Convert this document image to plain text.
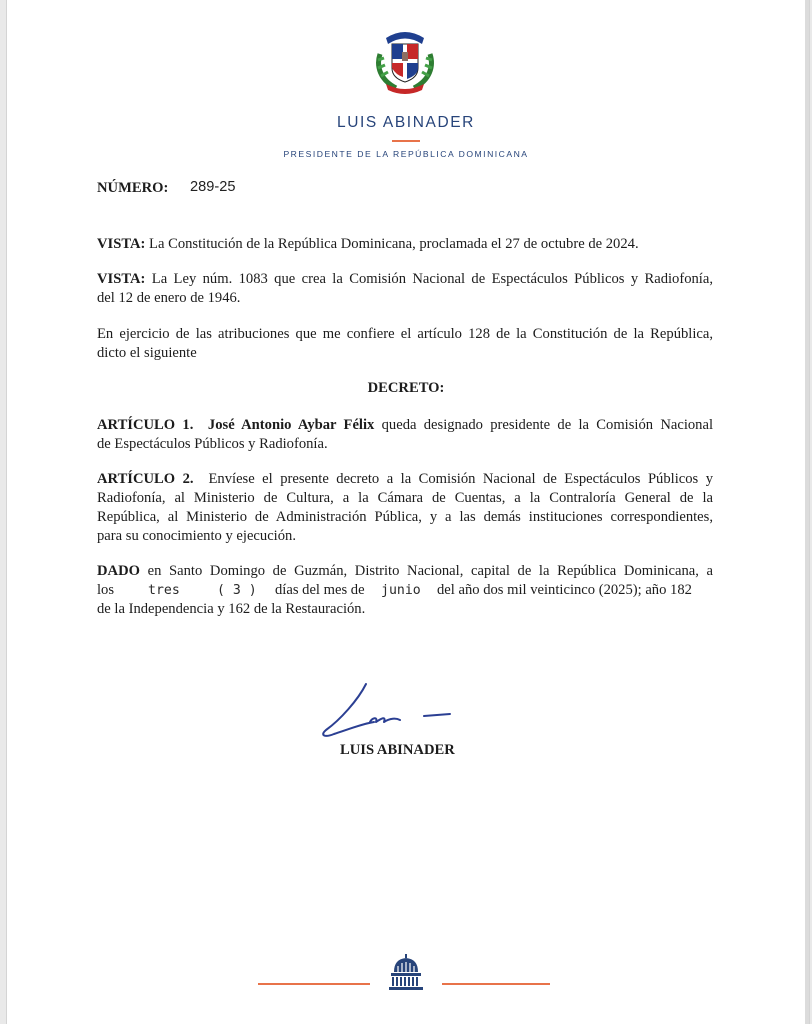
LUIS ABINADER
PRESIDENTE DE LA REPÚBLICA DOMINICANA
NÚMERO: 289-25
VISTA: La Constitución de la República Dominicana, proclamada el 27 de octubre de 2024.
VISTA: La Ley núm. 1083 que crea la Comisión Nacional de Espectáculos Públicos y Radiofonía,
del 12 de enero de 1946.
En ejercicio de las atribuciones que me confiere el artículo 128 de la Constitución de la República,
dicto el siguiente
DECRETO:
ARTÍCULO 1. José Antonio Aybar Félix queda designado presidente de la Comisión Nacional
de Espectáculos Públicos y Radiofonía.
ARTÍCULO 2. Envíese el presente decreto a la Comisión Nacional de Espectáculos Públicos y
Radiofonía, al Ministerio de Cultura, a la Cámara de Cuentas, a la Contraloría General de la
República, al Ministerio de Administración Pública, y a las demás instituciones correspondientes,
para su conocimiento y ejecución.
DADO en Santo Domingo de Guzmán, Distrito Nacional, capital de la República Dominicana, a
los	tres	( 3 ) días del mes de junio del año dos mil veinticinco (2025); año 182
de la Independencia y 162 de la Restauración.
LUIS ABINADER
